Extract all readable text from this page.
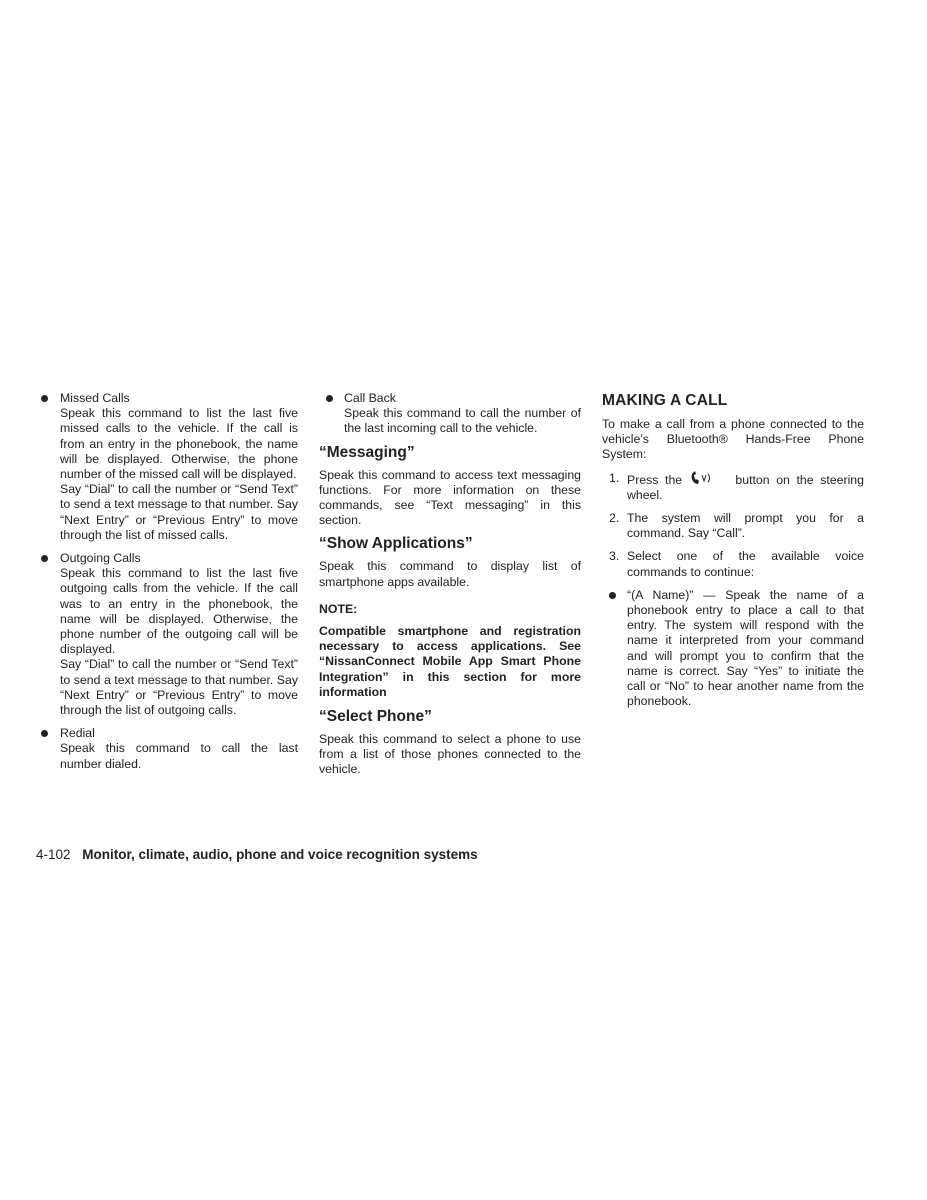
Missed Calls

Speak this command to list the last five missed calls to the vehicle. If the call is from an entry in the phonebook, the name will be displayed. Otherwise, the phone number of the missed call will be displayed.

Say “Dial” to call the number or “Send Text” to send a text message to that number. Say “Next Entry” or “Previous Entry” to move through the list of missed calls.

Outgoing Calls

Speak this command to list the last five outgoing calls from the vehicle. If the call was to an entry in the phonebook, the name will be displayed. Otherwise, the phone number of the outgoing call will be displayed.

Say “Dial” to call the number or “Send Text” to send a text message to that number. Say “Next Entry” or “Previous Entry” to move through the list of outgoing calls.

Redial

Speak this command to call the last number dialed.

Call Back

Speak this command to call the number of the last incoming call to the vehicle.

“Messaging”

Speak this command to access text messaging functions. For more information on these commands, see “Text messaging” in this section.

“Show Applications”

Speak this command to display list of smartphone apps available.

NOTE:

Compatible smartphone and registration necessary to access applications. See “NissanConnect Mobile App Smart Phone Integration” in this section for more information

“Select Phone”

Speak this command to select a phone to use from a list of those phones connected to the vehicle.

MAKING A CALL

To make a call from a phone connected to the vehicle’s Bluetooth® Hands-Free Phone System:

1. Press the	button on the steering wheel.

2. The system will prompt you for a command. Say “Call”.

3. Select one of the available voice commands to continue:

“(A Name)” — Speak the name of a phonebook entry to place a call to that entry. The system will respond with the name it interpreted from your command and will prompt you to confirm that the name is correct. Say “Yes” to initiate the call or “No” to hear another name from the phonebook.

4-102 Monitor, climate, audio, phone and voice recognition systems
